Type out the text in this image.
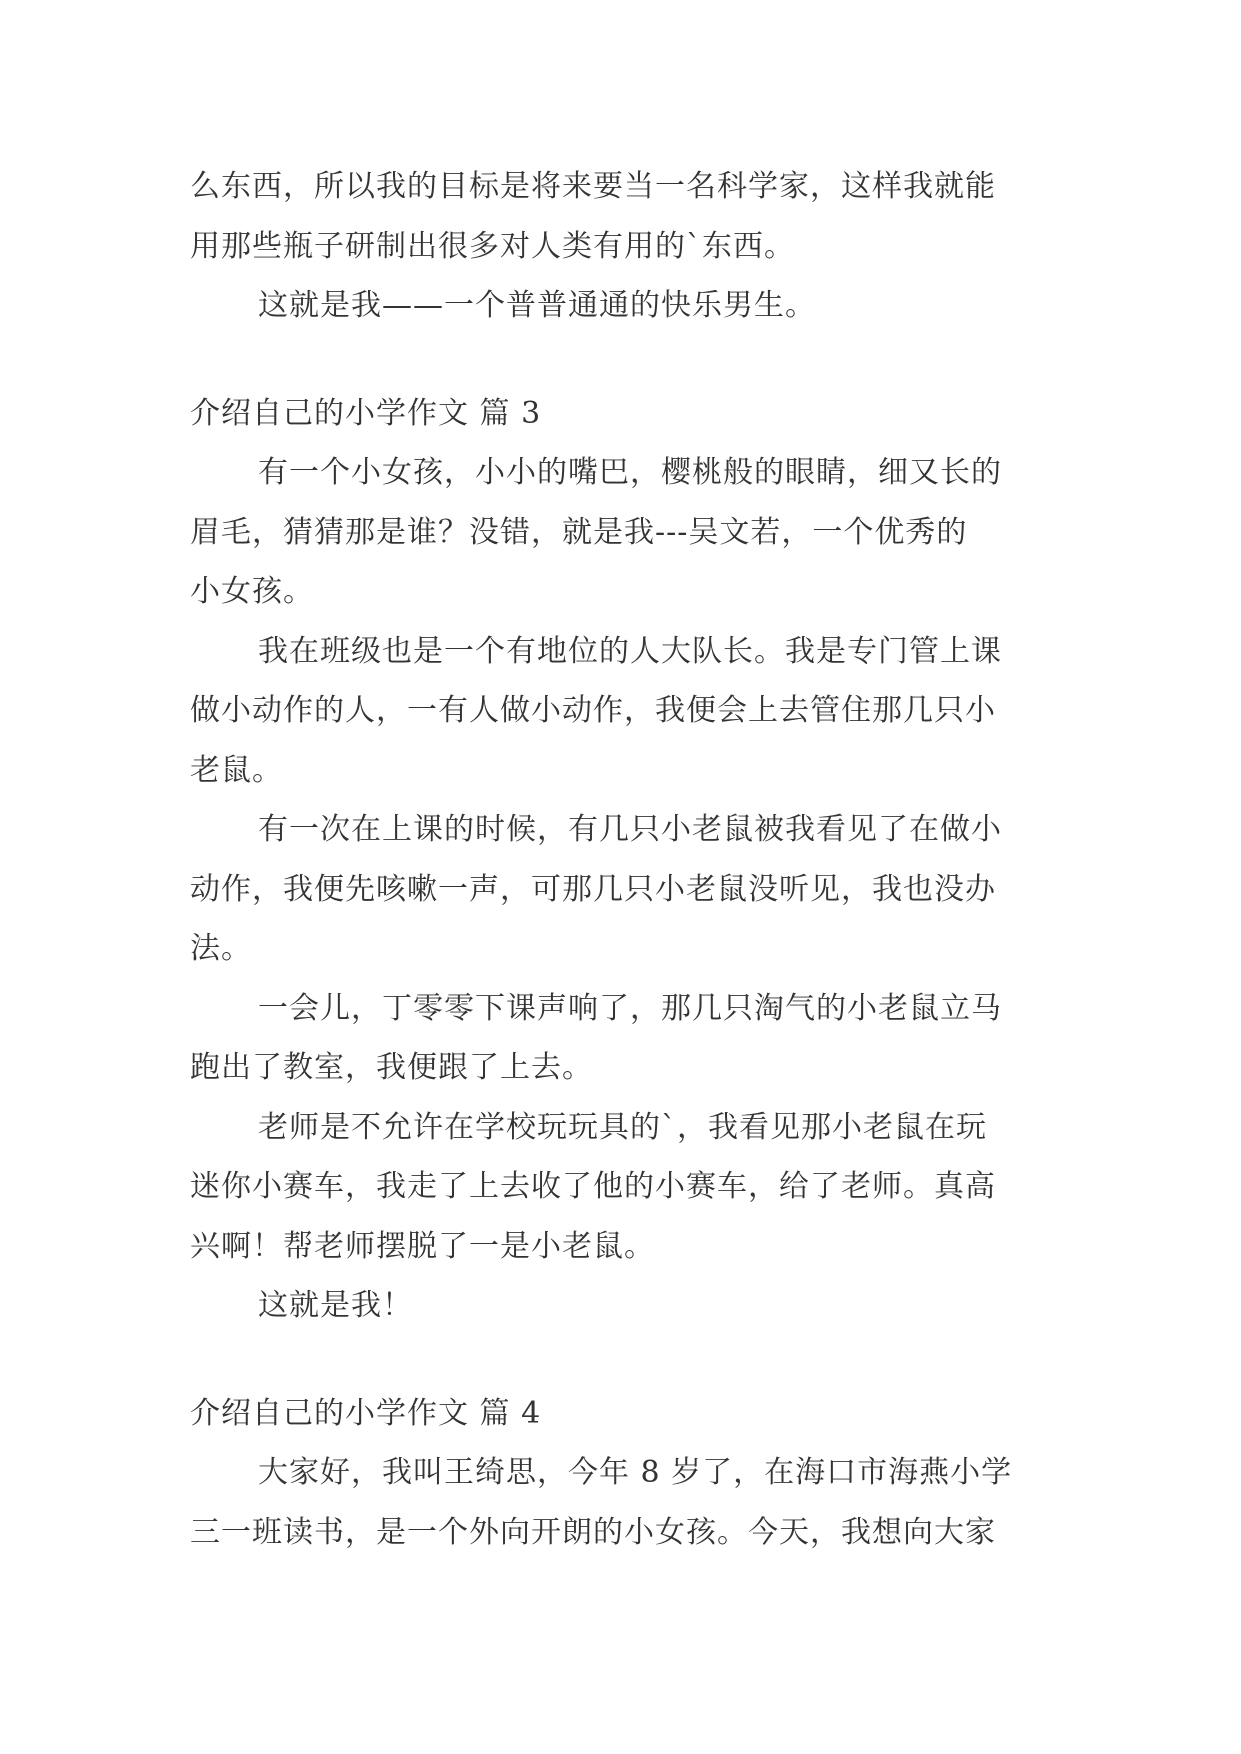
么东西，所以我的目标是将来要当一名科学家，这样我就能
用那些瓶子研制出很多对人类有用的`东西。
这就是我——一个普普通通的快乐男生。
介绍自己的小学作文 篇 3
有一个小女孩，小小的嘴巴，樱桃般的眼睛，细又长的
眉毛，猜猜那是谁？没错，就是我---吴文若，一个优秀的
小女孩。
我在班级也是一个有地位的人大队长。我是专门管上课
做小动作的人，一有人做小动作，我便会上去管住那几只小
老鼠。
有一次在上课的时候，有几只小老鼠被我看见了在做小
动作，我便先咳嗽一声，可那几只小老鼠没听见，我也没办
法。
一会儿，丁零零下课声响了，那几只淘气的小老鼠立马
跑出了教室，我便跟了上去。
老师是不允许在学校玩玩具的`，我看见那小老鼠在玩
迷你小赛车，我走了上去收了他的小赛车，给了老师。真高
兴啊！帮老师摆脱了一是小老鼠。
这就是我！
介绍自己的小学作文 篇 4
大家好，我叫王绮思，今年 8 岁了，在海口市海燕小学
三一班读书，是一个外向开朗的小女孩。今天，我想向大家
